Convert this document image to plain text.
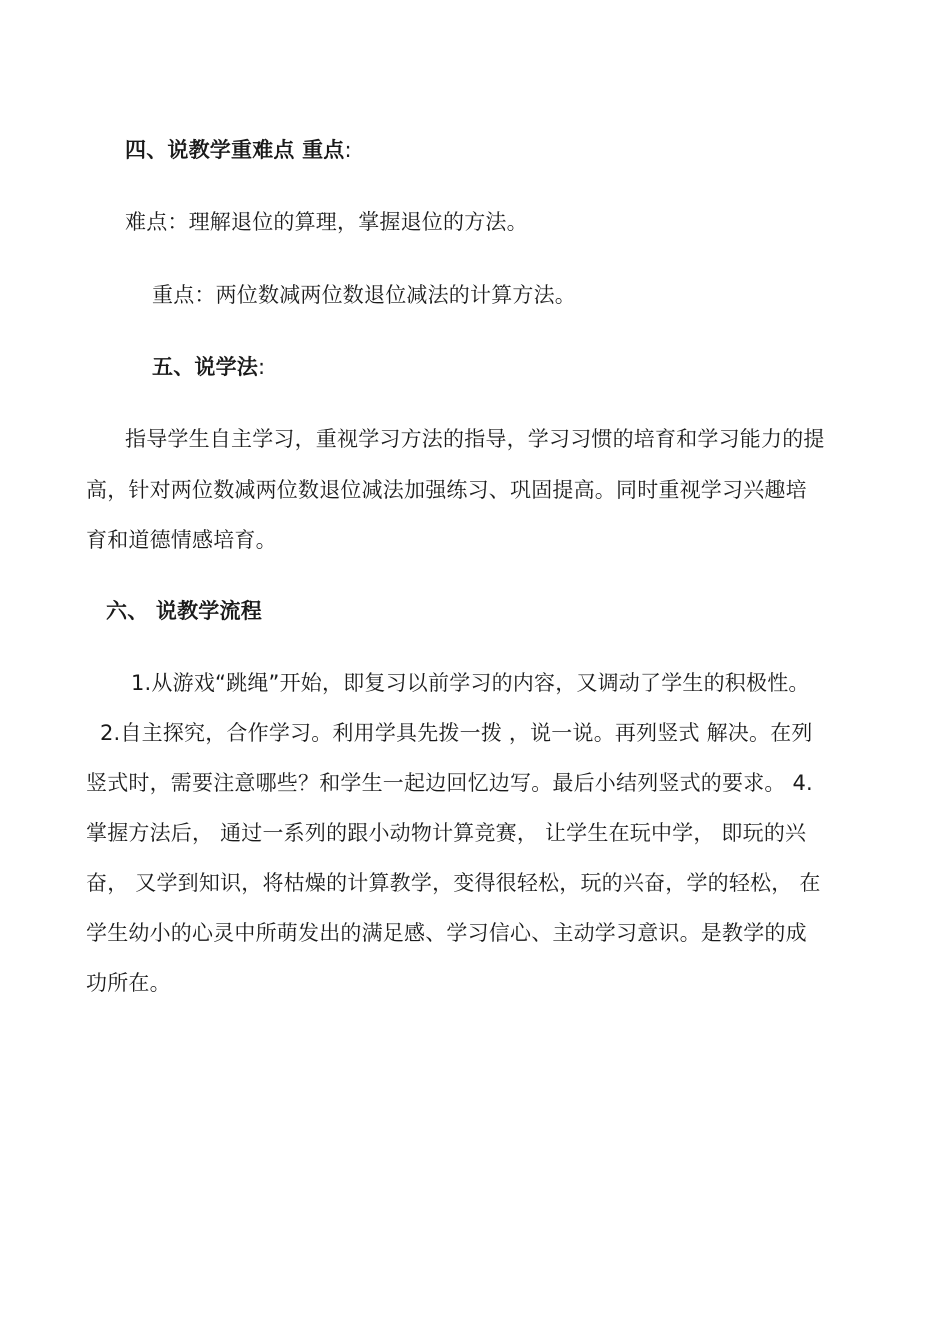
四、说教学重难点 重点:
难点：理解退位的算理，掌握退位的方法。
重点：两位数减两位数退位减法的计算方法。
五、说学法:
指导学生自主学习，重视学习方法的指导，学习习惯的培育和学习能力的提
高，针对两位数减两位数退位减法加强练习、巩固提高。同时重视学习兴趣培
育和道德情感培育。
六、 说教学流程
1.从游戏“跳绳”开始，即复习以前学习的内容，又调动了学生的积极性。
2.自主探究，合作学习。利用学具先拨一拨 ，说一说。再列竖式 解决。在列
竖式时，需要注意哪些？和学生一起边回忆边写。最后小结列竖式的要求。 4.
掌握方法后， 通过一系列的跟小动物计算竞赛， 让学生在玩中学， 即玩的兴
奋， 又学到知识，将枯燥的计算教学，变得很轻松，玩的兴奋，学的轻松， 在
学生幼小的心灵中所萌发出的满足感、学习信心、主动学习意识。是教学的成
功所在。
